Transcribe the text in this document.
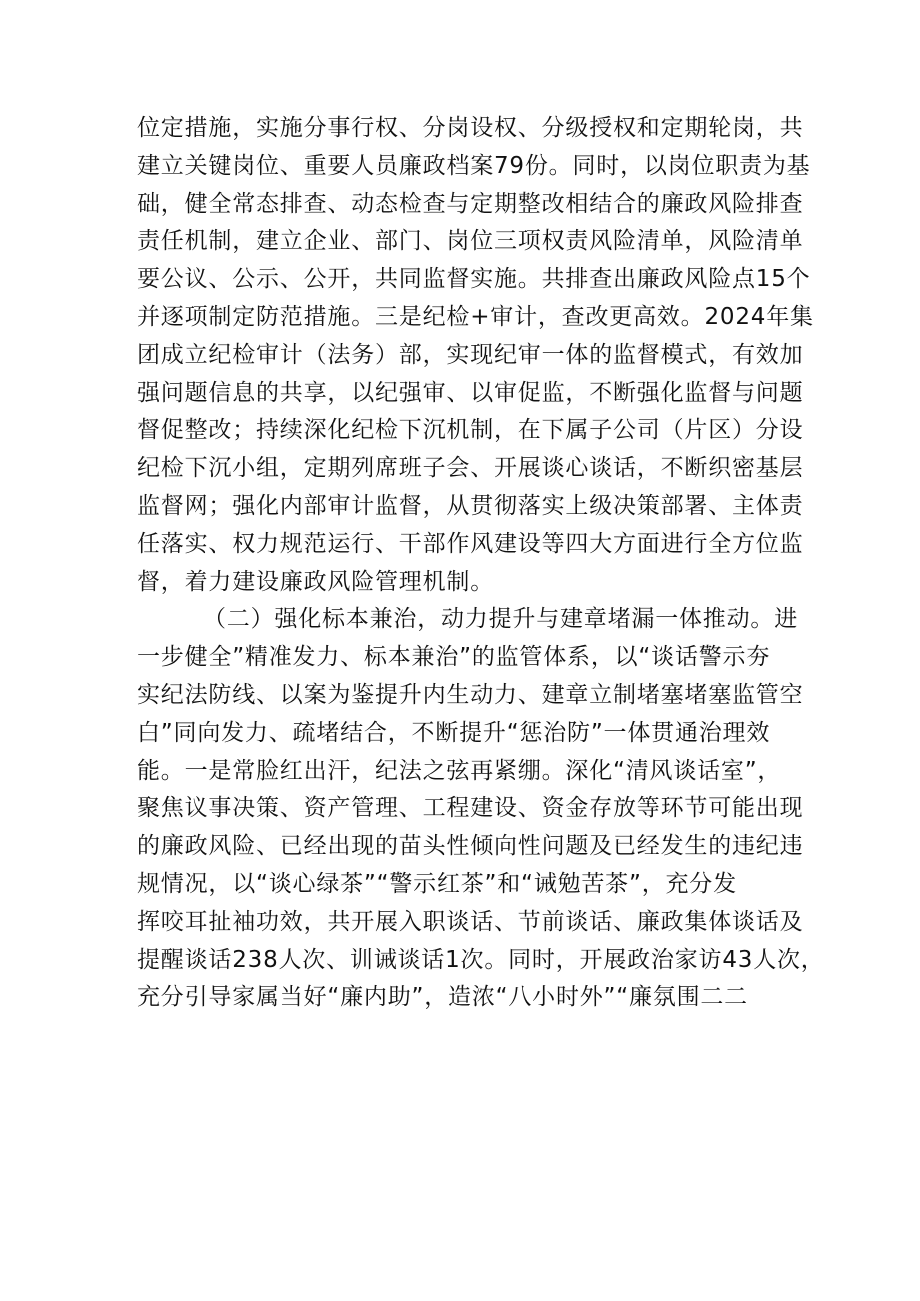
位定措施，实施分事行权、分岗设权、分级授权和定期轮岗，共
建立关键岗位、重要人员廉政档案79份。同时，以岗位职责为基
础，健全常态排查、动态检查与定期整改相结合的廉政风险排查
责任机制，建立企业、部门、岗位三项权责风险清单，风险清单
要公议、公示、公开，共同监督实施。共排查出廉政风险点15个
并逐项制定防范措施。三是纪检+审计，查改更高效。2024年集
团成立纪检审计（法务）部，实现纪审一体的监督模式，有效加
强问题信息的共享，以纪强审、以审促监，不断强化监督与问题
督促整改；持续深化纪检下沉机制，在下属子公司（片区）分设
纪检下沉小组，定期列席班子会、开展谈心谈话，不断织密基层
监督网；强化内部审计监督，从贯彻落实上级决策部署、主体责
任落实、权力规范运行、干部作风建设等四大方面进行全方位监
督，着力建设廉政风险管理机制。
（二）强化标本兼治，动力提升与建章堵漏一体推动。进
一步健全”精准发力、标本兼治”的监管体系，以“谈话警示夯
实纪法防线、以案为鉴提升内生动力、建章立制堵塞堵塞监管空
白”同向发力、疏堵结合，不断提升“惩治防”一体贯通治理效
能。一是常脸红出汗，纪法之弦再紧绷。深化“清风谈话室”，
聚焦议事决策、资产管理、工程建设、资金存放等环节可能出现
的廉政风险、已经出现的苗头性倾向性问题及已经发生的违纪违
规情况，以“谈心绿茶”“警示红茶”和“诫勉苦茶”，充分发
挥咬耳扯袖功效，共开展入职谈话、节前谈话、廉政集体谈话及
提醒谈话238人次、训诫谈话1次。同时，开展政治家访43人次，
充分引导家属当好“廉内助”，造浓“八小时外”“廉氛围二二
